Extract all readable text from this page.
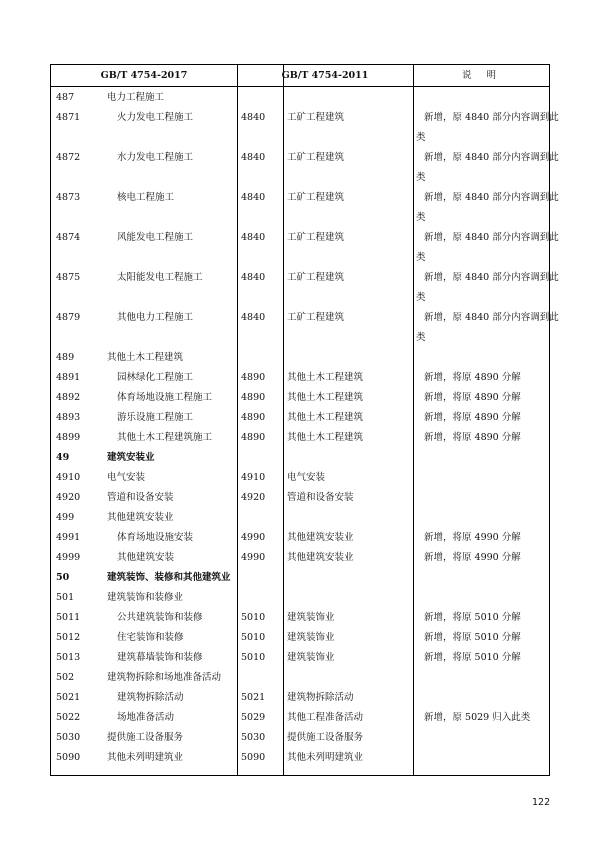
GB/T 4754-2017	GB/T 4754-2011	说 明
487	电力工程施工
4871	火力发电工程施工	4840 工矿工程建筑	新增，原 4840 部分内容调到此
类
4872	水力发电工程施工	4840 工矿工程建筑	新增，原 4840 部分内容调到此
类
4873	核电工程施工	4840 工矿工程建筑	新增，原 4840 部分内容调到此
类
4874	风能发电工程施工	4840 工矿工程建筑	新增，原 4840 部分内容调到此
类
4875	太阳能发电工程施工	4840 工矿工程建筑	新增，原 4840 部分内容调到此
类
4879	其他电力工程施工	4840 工矿工程建筑	新增，原 4840 部分内容调到此
类
489	其他土木工程建筑
4891	园林绿化工程施工	4890 其他土木工程建筑	新增，将原 4890 分解
4892	体育场地设施工程施工	4890 其他土木工程建筑	新增，将原 4890 分解
4893	游乐设施工程施工	4890 其他土木工程建筑	新增，将原 4890 分解
4899	其他土木工程建筑施工	4890 其他土木工程建筑	新增，将原 4890 分解
49	建筑安装业
4910	电气安装	4910 电气安装
4920	管道和设备安装	4920 管道和设备安装
499	其他建筑安装业
4991	体育场地设施安装	4990 其他建筑安装业	新增，将原 4990 分解
4999	其他建筑安装	4990 其他建筑安装业	新增，将原 4990 分解
50	建筑装饰、装修和其他建筑业
501	建筑装饰和装修业
5011	公共建筑装饰和装修	5010 建筑装饰业	新增，将原 5010 分解
5012	住宅装饰和装修	5010 建筑装饰业	新增，将原 5010 分解
5013	建筑幕墙装饰和装修	5010 建筑装饰业	新增，将原 5010 分解
502	建筑物拆除和场地准备活动
5021	建筑物拆除活动	5021 建筑物拆除活动
5022	场地准备活动	5029 其他工程准备活动	新增，原 5029 归入此类
5030	提供施工设备服务	5030 提供施工设备服务
5090	其他未列明建筑业	5090 其他未列明建筑业
122
